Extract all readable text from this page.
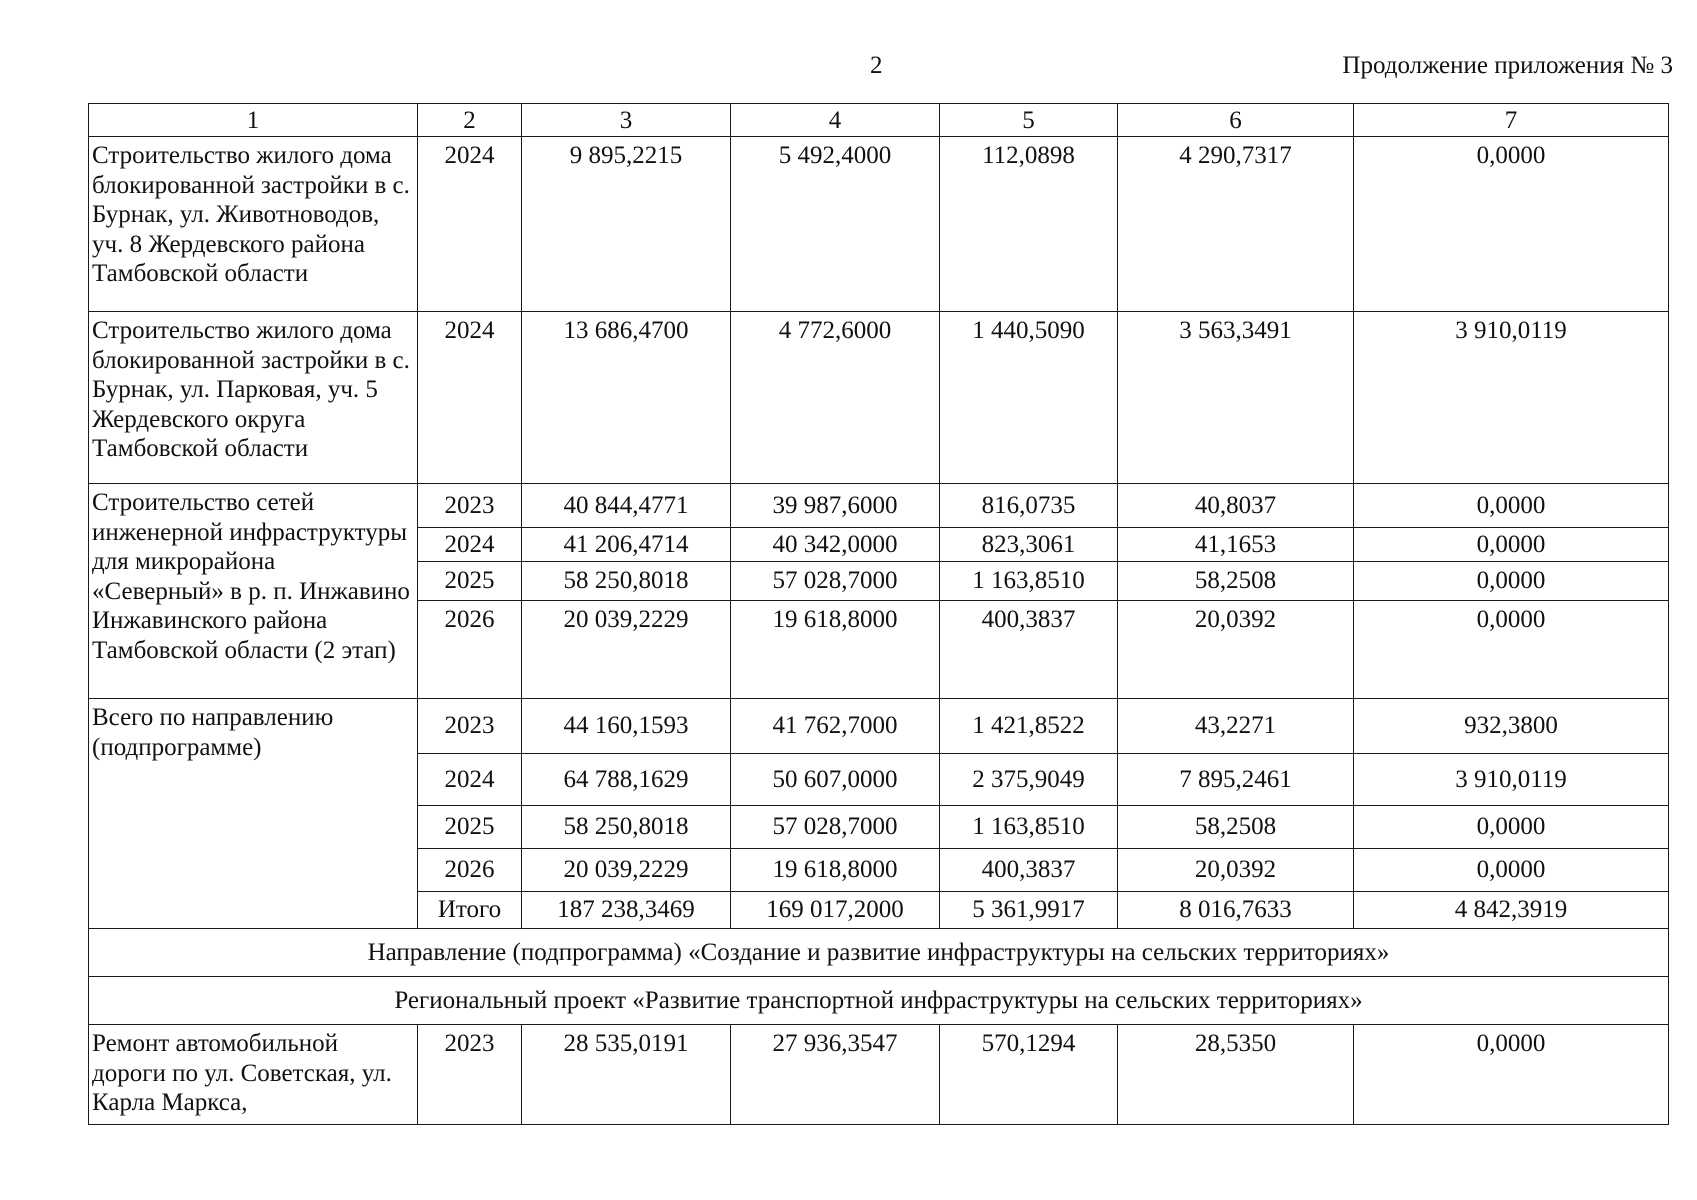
2	Продолжение приложения № 3
1	2	3	4	5	6	7
Строительство жилого дома блокированной застройки в с. Бурнак, ул. Животноводов, уч. 8 Жердевского района Тамбовской области	2024	9 895,2215	5 492,4000	112,0898	4 290,7317	0,0000
Строительство жилого дома блокированной застройки в с. Бурнак, ул. Парковая, уч. 5 Жердевского округа Тамбовской области	2024	13 686,4700	4 772,6000	1 440,5090	3 563,3491	3 910,0119
Строительство сетей инженерной инфраструктуры для микрорайона «Северный» в р. п. Инжавино Инжавинского района Тамбовской области (2 этап)	2023	40 844,4771	39 987,6000	816,0735	40,8037	0,0000
	2024	41 206,4714	40 342,0000	823,3061	41,1653	0,0000
	2025	58 250,8018	57 028,7000	1 163,8510	58,2508	0,0000
	2026	20 039,2229	19 618,8000	400,3837	20,0392	0,0000
Всего по направлению (подпрограмме)	2023	44 160,1593	41 762,7000	1 421,8522	43,2271	932,3800
	2024	64 788,1629	50 607,0000	2 375,9049	7 895,2461	3 910,0119
	2025	58 250,8018	57 028,7000	1 163,8510	58,2508	0,0000
	2026	20 039,2229	19 618,8000	400,3837	20,0392	0,0000
	Итого	187 238,3469	169 017,2000	5 361,9917	8 016,7633	4 842,3919
Направление (подпрограмма) «Создание и развитие инфраструктуры на сельских территориях»						
Региональный проект «Развитие транспортной инфраструктуры на сельских территориях»						
Ремонт автомобильной дороги по ул. Советская, ул. Карла Маркса,	2023	28 535,0191	27 936,3547	570,1294	28,5350	0,0000
